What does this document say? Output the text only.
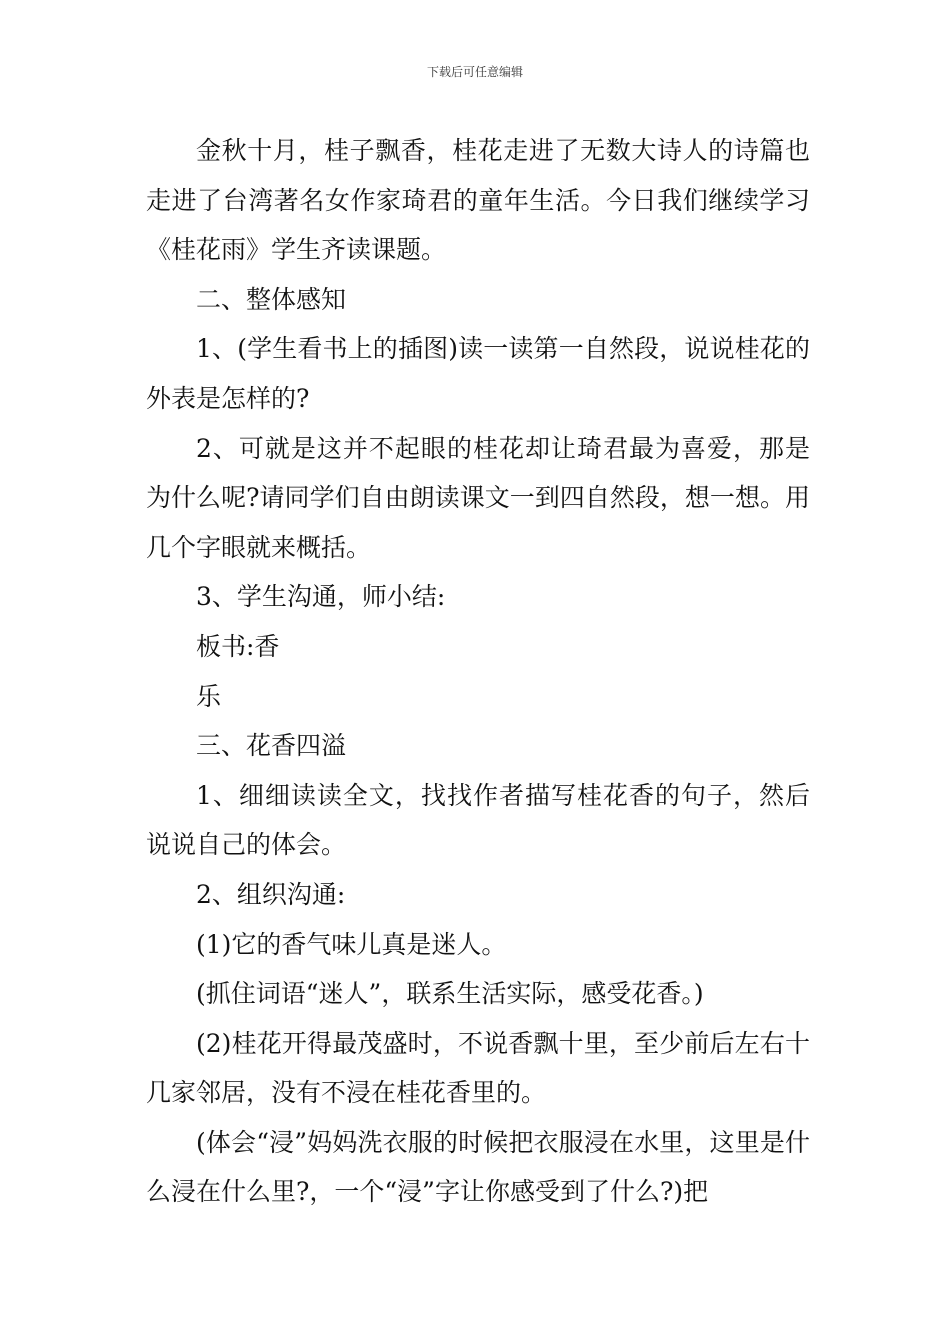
下载后可任意编辑

金秋十月，桂子飘香，桂花走进了无数大诗人的诗篇也走进了台湾著名女作家琦君的童年生活。今日我们继续学习《桂花雨》学生齐读课题。

二、整体感知

1、(学生看书上的插图)读一读第一自然段，说说桂花的外表是怎样的?

2、可就是这并不起眼的桂花却让琦君最为喜爱，那是为什么呢?请同学们自由朗读课文一到四自然段，想一想。用几个字眼就来概括。

3、学生沟通，师小结:

板书:香

乐

三、花香四溢

1、细细读读全文，找找作者描写桂花香的句子，然后说说自己的体会。

2、组织沟通:

(1)它的香气味儿真是迷人。

(抓住词语“迷人”，联系生活实际，感受花香。)

(2)桂花开得最茂盛时，不说香飘十里，至少前后左右十几家邻居，没有不浸在桂花香里的。

(体会“浸”妈妈洗衣服的时候把衣服浸在水里，这里是什么浸在什么里?，一个“浸”字让你感受到了什么?)把
